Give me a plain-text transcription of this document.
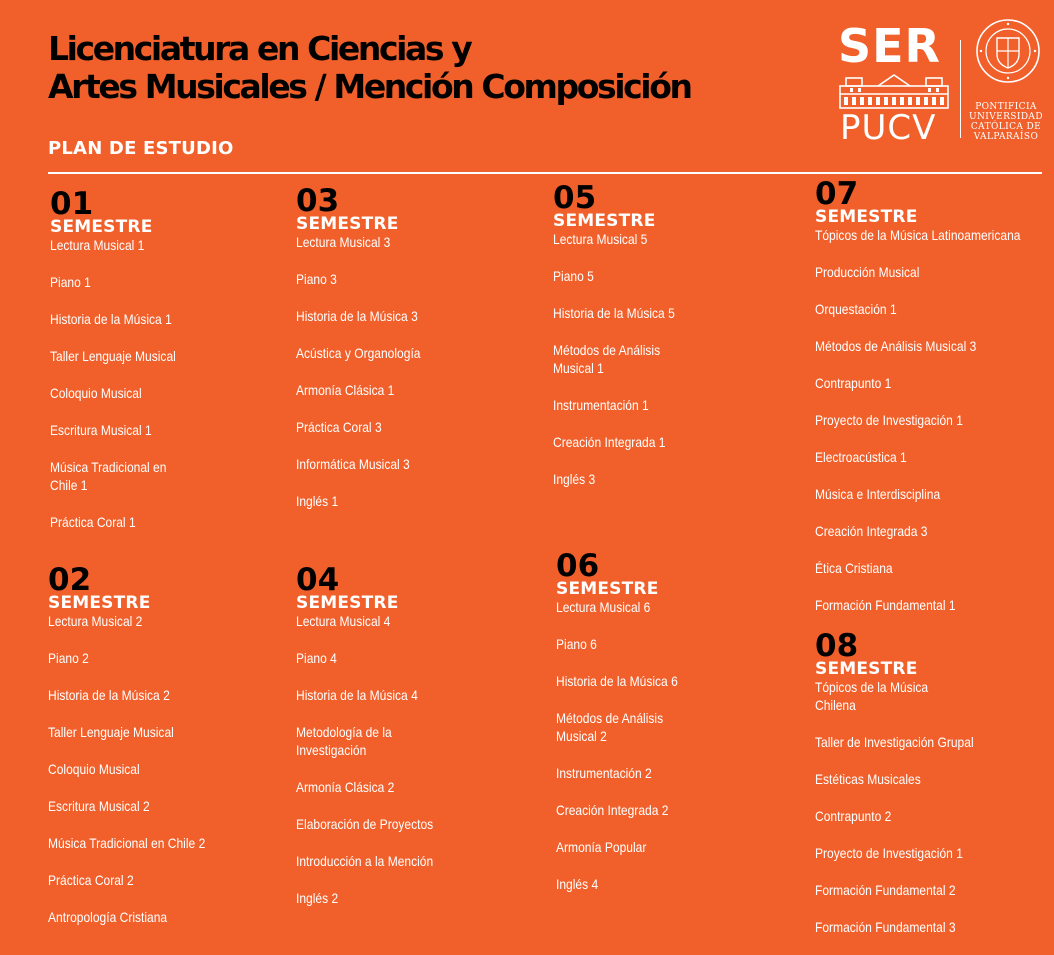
Licenciatura en Ciencias y
Artes Musicales / Mención Composición
PLAN DE ESTUDIO
SER
PUCV
PONTIFICIA
UNIVERSIDAD
CATÓLICA DE
VALPARAÍSO
01
SEMESTRE
Lectura Musical 1
Piano 1
Historia de la Música 1
Taller Lenguaje Musical
Coloquio Musical
Escritura Musical 1
Música Tradicional en Chile 1
Práctica Coral 1
02
SEMESTRE
Lectura Musical 2
Piano 2
Historia de la Música 2
Taller Lenguaje Musical
Coloquio Musical
Escritura Musical 2
Música Tradicional en Chile 2
Práctica Coral 2
Antropología Cristiana
03
SEMESTRE
Lectura Musical 3
Piano 3
Historia de la Música 3
Acústica y Organología
Armonía Clásica 1
Práctica Coral 3
Informática Musical 3
Inglés 1
04
SEMESTRE
Lectura Musical 4
Piano 4
Historia de la Música 4
Metodología de la Investigación
Armonía Clásica 2
Elaboración de Proyectos
Introducción a la Mención
Inglés 2
05
SEMESTRE
Lectura Musical 5
Piano 5
Historia de la Música 5
Métodos de Análisis Musical 1
Instrumentación 1
Creación Integrada 1
Inglés 3
06
SEMESTRE
Lectura Musical 6
Piano 6
Historia de la Música 6
Métodos de Análisis Musical 2
Instrumentación 2
Creación Integrada 2
Armonía Popular
Inglés 4
07
SEMESTRE
Tópicos de la Música Latinoamericana
Producción Musical
Orquestación 1
Métodos de Análisis Musical 3
Contrapunto 1
Proyecto de Investigación 1
Electroacústica 1
Música e Interdisciplina
Creación Integrada 3
Ética Cristiana
Formación Fundamental 1
08
SEMESTRE
Tópicos de la Música Chilena
Taller de Investigación Grupal
Estéticas Musicales
Contrapunto 2
Proyecto de Investigación 1
Formación Fundamental 2
Formación Fundamental 3
